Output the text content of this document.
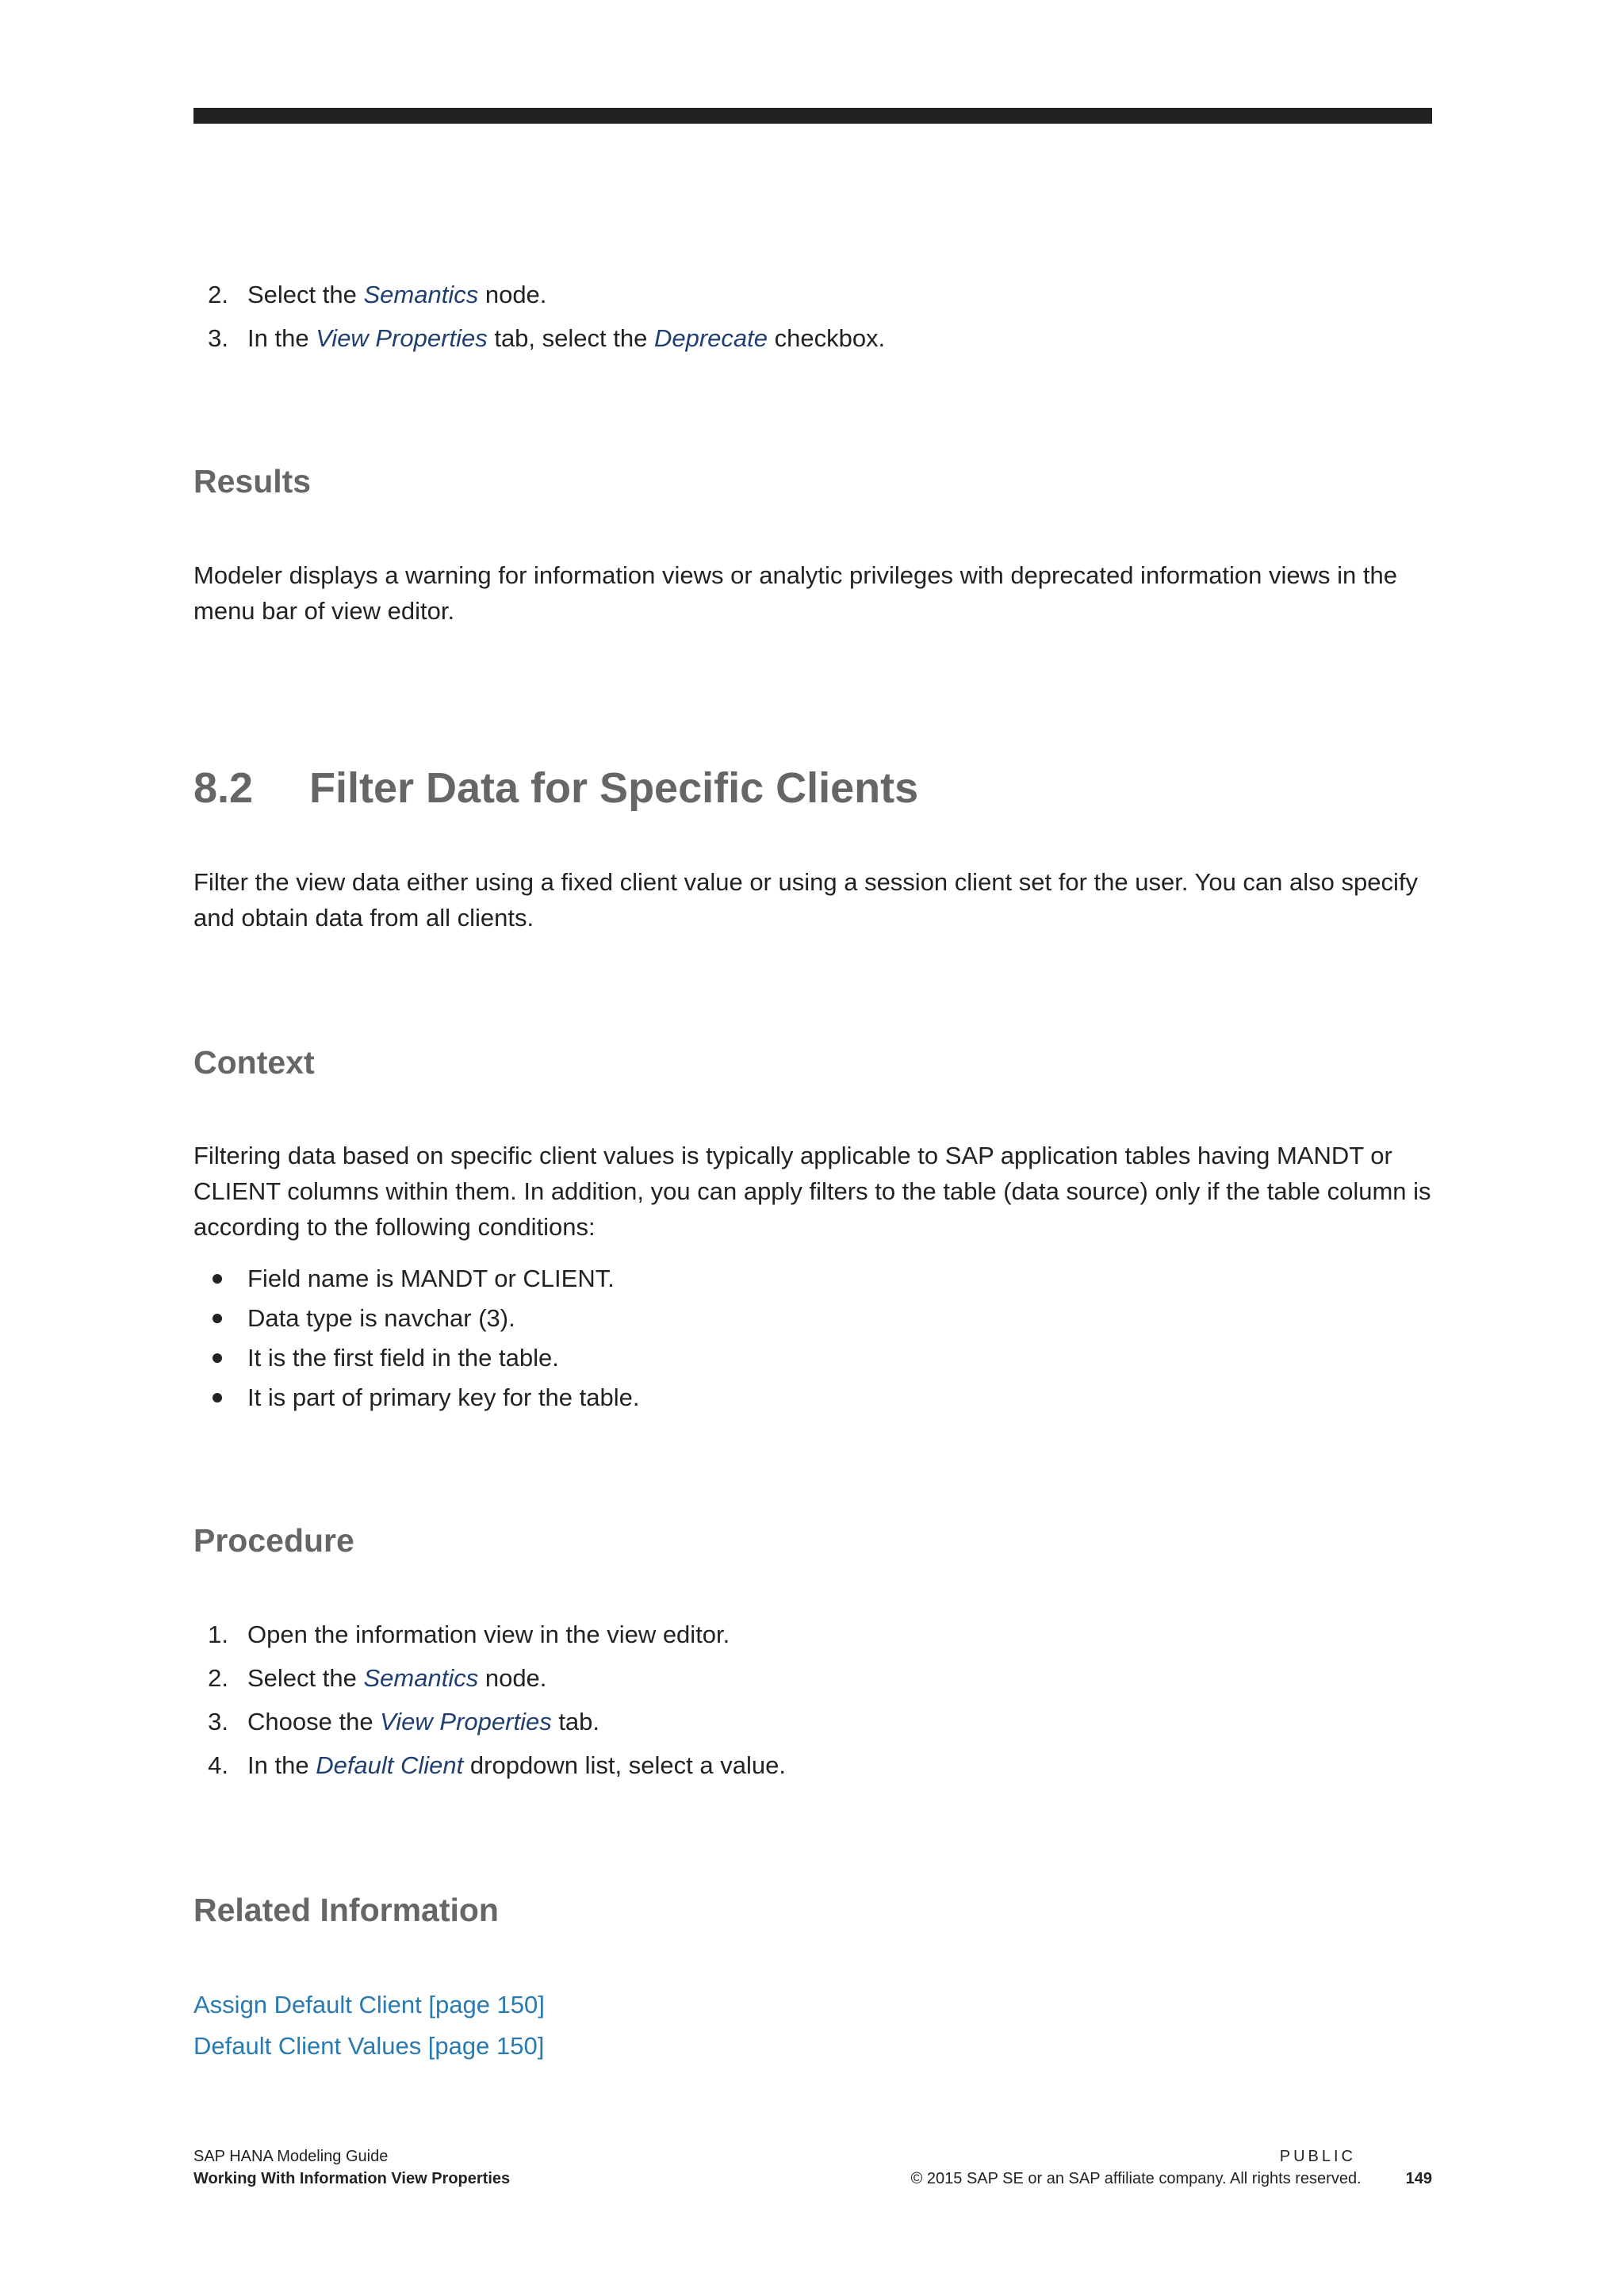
2. Select the Semantics node.
3. In the View Properties tab, select the Deprecate checkbox.
Results
Modeler displays a warning for information views or analytic privileges with deprecated information views in the menu bar of view editor.
8.2 Filter Data for Specific Clients
Filter the view data either using a fixed client value or using a session client set for the user. You can also specify and obtain data from all clients.
Context
Filtering data based on specific client values is typically applicable to SAP application tables having MANDT or CLIENT columns within them. In addition, you can apply filters to the table (data source) only if the table column is according to the following conditions:
Field name is MANDT or CLIENT.
Data type is navchar (3).
It is the first field in the table.
It is part of primary key for the table.
Procedure
1. Open the information view in the view editor.
2. Select the Semantics node.
3. Choose the View Properties tab.
4. In the Default Client dropdown list, select a value.
Related Information
Assign Default Client [page 150]
Default Client Values [page 150]
SAP HANA Modeling Guide
Working With Information View Properties
PUBLIC
© 2015 SAP SE or an SAP affiliate company. All rights reserved.	149
